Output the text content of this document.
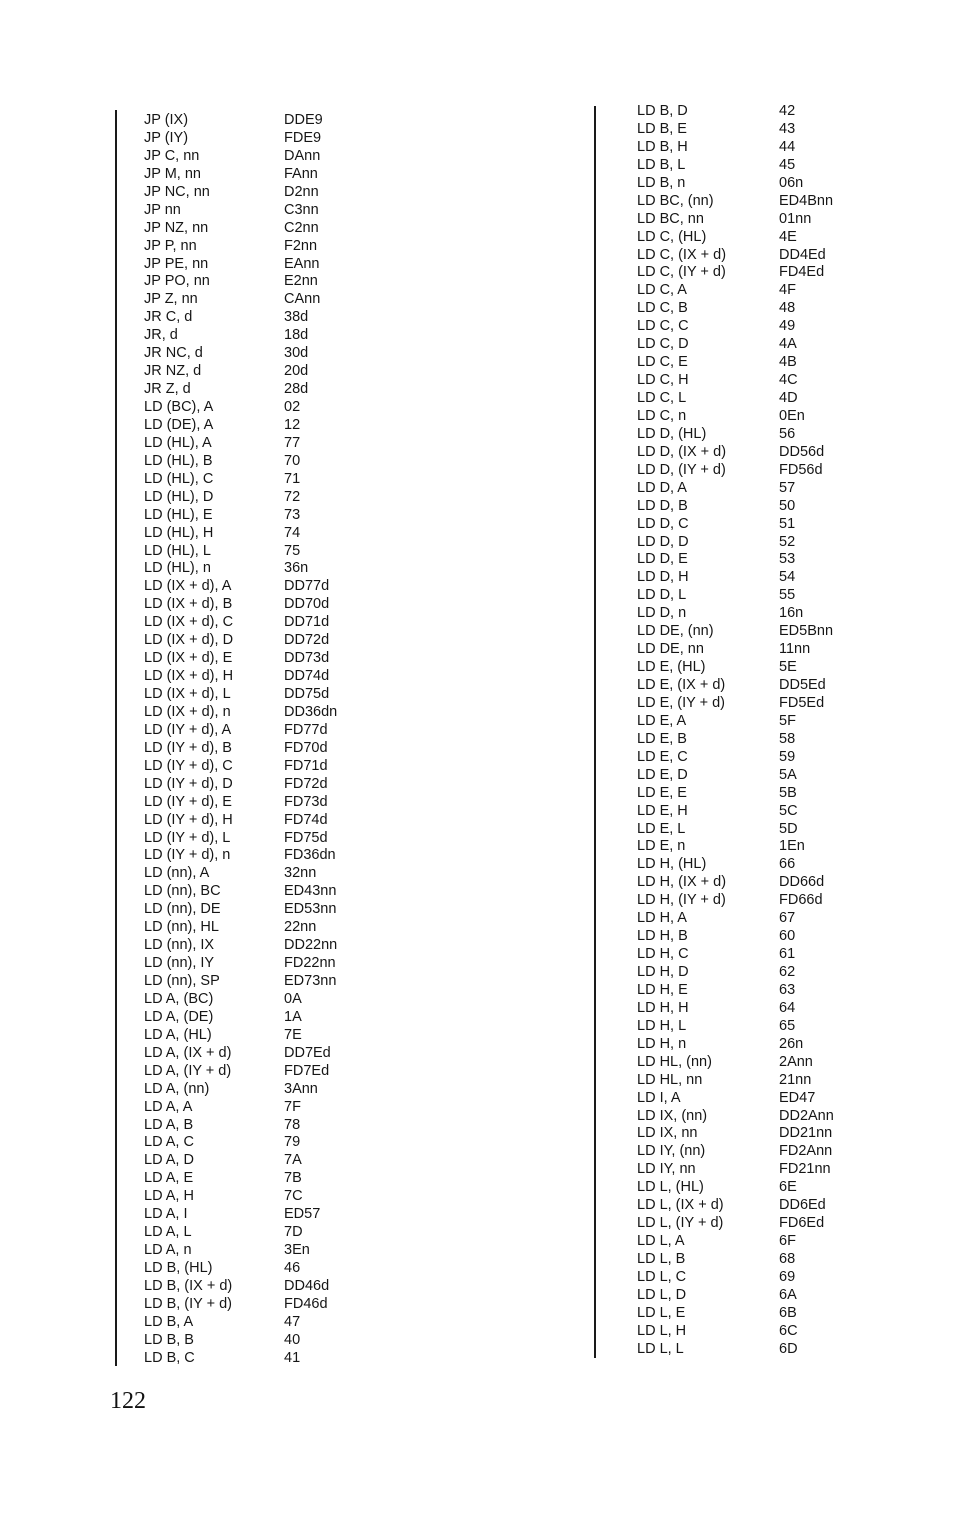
JP (IX)	DDE9
JP (IY)	FDE9
JP C, nn	DAnn
JP M, nn	FAnn
JP NC, nn	D2nn
JP nn	C3nn
JP NZ, nn	C2nn
JP P, nn	F2nn
JP PE, nn	EAnn
JP PO, nn	E2nn
JP Z, nn	CAnn
JR C, d	38d
JR, d	18d
JR NC, d	30d
JR NZ, d	20d
JR Z, d	28d
LD (BC), A	02
LD (DE), A	12
LD (HL), A	77
LD (HL), B	70
LD (HL), C	71
LD (HL), D	72
LD (HL), E	73
LD (HL), H	74
LD (HL), L	75
LD (HL), n	36n
LD (IX + d), A	DD77d
LD (IX + d), B	DD70d
LD (IX + d), C	DD71d
LD (IX + d), D	DD72d
LD (IX + d), E	DD73d
LD (IX + d), H	DD74d
LD (IX + d), L	DD75d
LD (IX + d), n	DD36dn
LD (IY + d), A	FD77d
LD (IY + d), B	FD70d
LD (IY + d), C	FD71d
LD (IY + d), D	FD72d
LD (IY + d), E	FD73d
LD (IY + d), H	FD74d
LD (IY + d), L	FD75d
LD (IY + d), n	FD36dn
LD (nn), A	32nn
LD (nn), BC	ED43nn
LD (nn), DE	ED53nn
LD (nn), HL	22nn
LD (nn), IX	DD22nn
LD (nn), IY	FD22nn
LD (nn), SP	ED73nn
LD A, (BC)	0A
LD A, (DE)	1A
LD A, (HL)	7E
LD A, (IX + d)	DD7Ed
LD A, (IY + d)	FD7Ed
LD A, (nn)	3Ann
LD A, A	7F
LD A, B	78
LD A, C	79
LD A, D	7A
LD A, E	7B
LD A, H	7C
LD A, I	ED57
LD A, L	7D
LD A, n	3En
LD B, (HL)	46
LD B, (IX + d)	DD46d
LD B, (IY + d)	FD46d
LD B, A	47
LD B, B	40
LD B, C	41
LD B, D	42
LD B, E	43
LD B, H	44
LD B, L	45
LD B, n	06n
LD BC, (nn)	ED4Bnn
LD BC, nn	01nn
LD C, (HL)	4E
LD C, (IX + d)	DD4Ed
LD C, (IY + d)	FD4Ed
LD C, A	4F
LD C, B	48
LD C, C	49
LD C, D	4A
LD C, E	4B
LD C, H	4C
LD C, L	4D
LD C, n	0En
LD D, (HL)	56
LD D, (IX + d)	DD56d
LD D, (IY + d)	FD56d
LD D, A	57
LD D, B	50
LD D, C	51
LD D, D	52
LD D, E	53
LD D, H	54
LD D, L	55
LD D, n	16n
LD DE, (nn)	ED5Bnn
LD DE, nn	11nn
LD E, (HL)	5E
LD E, (IX + d)	DD5Ed
LD E, (IY + d)	FD5Ed
LD E, A	5F
LD E, B	58
LD E, C	59
LD E, D	5A
LD E, E	5B
LD E, H	5C
LD E, L	5D
LD E, n	1En
LD H, (HL)	66
LD H, (IX + d)	DD66d
LD H, (IY + d)	FD66d
LD H, A	67
LD H, B	60
LD H, C	61
LD H, D	62
LD H, E	63
LD H, H	64
LD H, L	65
LD H, n	26n
LD HL, (nn)	2Ann
LD HL, nn	21nn
LD I, A	ED47
LD IX, (nn)	DD2Ann
LD IX, nn	DD21nn
LD IY, (nn)	FD2Ann
LD IY, nn	FD21nn
LD L, (HL)	6E
LD L, (IX + d)	DD6Ed
LD L, (IY + d)	FD6Ed
LD L, A	6F
LD L, B	68
LD L, C	69
LD L, D	6A
LD L, E	6B
LD L, H	6C
LD L, L	6D
122
